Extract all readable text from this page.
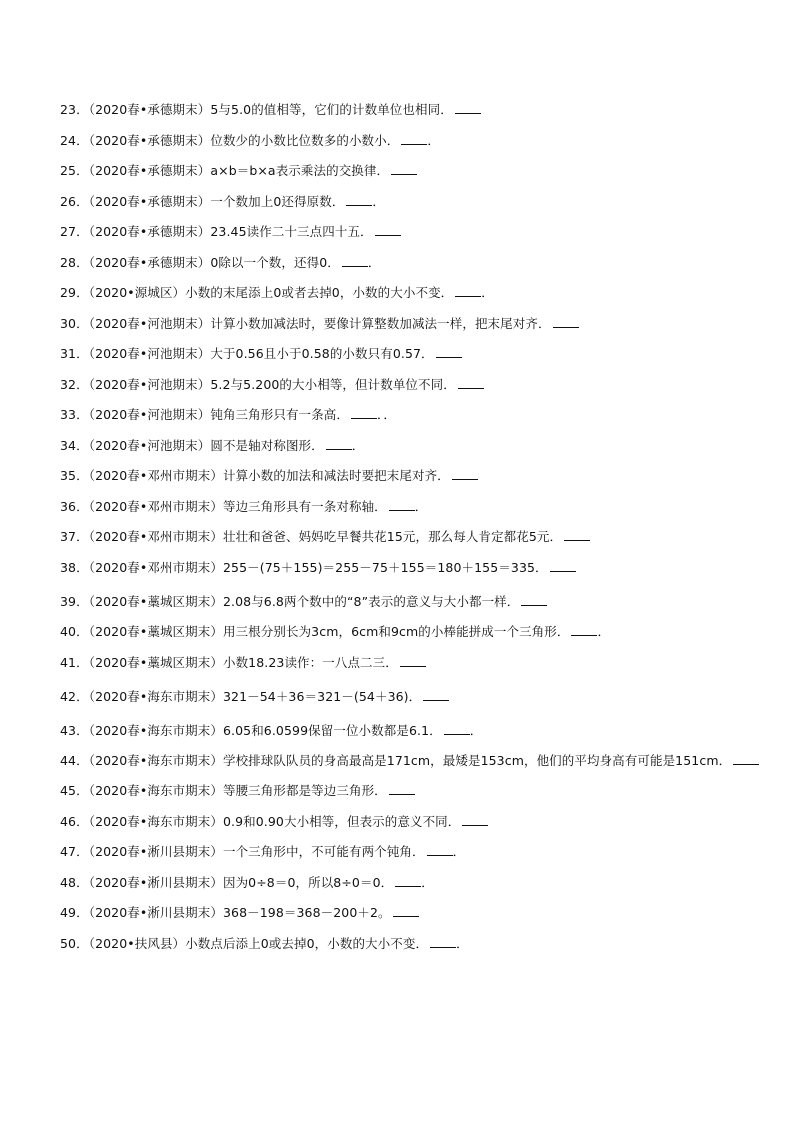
23．（2020春•承德期末）5与5.0的值相等，它们的计数单位也相同．
24．（2020春•承德期末）位数少的小数比位数多的小数小． ．
25．（2020春•承德期末）a×b＝b×a表示乘法的交换律．
26．（2020春•承德期末）一个数加上0还得原数． ．
27．（2020春•承德期末）23.45读作二十三点四十五．
28．（2020春•承德期末）0除以一个数，还得0． ．
29．（2020•源城区）小数的末尾添上0或者去掉0，小数的大小不变． ．
30．（2020春•河池期末）计算小数加减法时，要像计算整数加减法一样，把末尾对齐．
31．（2020春•河池期末）大于0.56且小于0.58的小数只有0.57．
32．（2020春•河池期末）5.2与5.200的大小相等，但计数单位不同．
33．（2020春•河池期末）钝角三角形只有一条高． ．．
34．（2020春•河池期末）圆不是轴对称图形． ．
35．（2020春•邓州市期末）计算小数的加法和减法时要把末尾对齐．
36．（2020春•邓州市期末）等边三角形具有一条对称轴． ．
37．（2020春•邓州市期末）壮壮和爸爸、妈妈吃早餐共花15元，那么每人肯定都花5元．
38．（2020春•邓州市期末）255－(75＋155)＝255－75＋155＝180＋155＝335．
39．（2020春•藁城区期末）2.08与6.8两个数中的“8”表示的意义与大小都一样．
40．（2020春•藁城区期末）用三根分别长为3cm，6cm和9cm的小棒能拼成一个三角形． ．
41．（2020春•藁城区期末）小数18.23读作：一八点二三．
42．（2020春•海东市期末）321－54＋36＝321－(54＋36)．
43．（2020春•海东市期末）6.05和6.0599保留一位小数都是6.1． ．
44．（2020春•海东市期末）学校排球队队员的身高最高是171cm，最矮是153cm，他们的平均身高有可能是151cm．
45．（2020春•海东市期末）等腰三角形都是等边三角形．
46．（2020春•海东市期末）0.9和0.90大小相等，但表示的意义不同．
47．（2020春•淅川县期末）一个三角形中，不可能有两个钝角． ．
48．（2020春•淅川县期末）因为0÷8＝0，所以8÷0＝0． ．
49．（2020春•淅川县期末）368－198＝368－200＋2。
50．（2020•扶风县）小数点后添上0或去掉0，小数的大小不变． ．
